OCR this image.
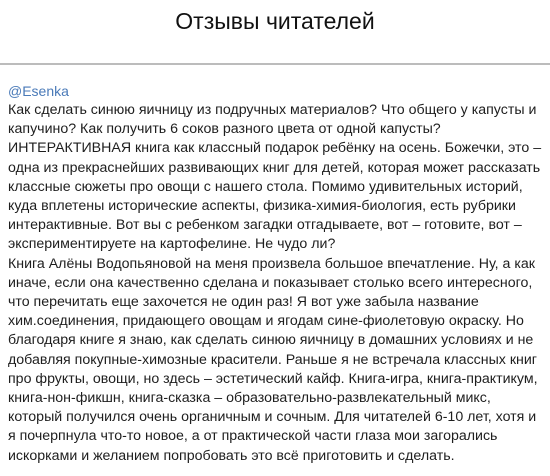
Отзывы читателей
@Esenka

Как сделать синюю яичницу из подручных материалов? Что общего у капусты и капучино? Как получить 6 соков разного цвета от одной капусты? ИНТЕРАКТИВНАЯ книга как классный подарок ребёнку на осень. Божечки, это – одна из прекраснейших развивающих книг для детей, которая может рассказать классные сюжеты про овощи с нашего стола. Помимо удивительных историй, куда вплетены исторические аспекты, физика-химия-биология, есть рубрики интерактивные. Вот вы с ребенком загадки отгадываете, вот – готовите, вот – экспериментируете на картофелине. Не чудо ли?

Книга Алёны Водопьяновой на меня произвела большое впечатление. Ну, а как иначе, если она качественно сделана и показывает столько всего интересного, что перечитать еще захочется не один раз! Я вот уже забыла название хим.соединения, придающего овощам и ягодам сине-фиолетовую окраску. Но благодаря книге я знаю, как сделать синюю яичницу в домашних условиях и не добавляя покупные-химозные красители. Раньше я не встречала классных книг про фрукты, овощи, но здесь – эстетический кайф. Книга-игра, книга-практикум, книга-нон-фикшн, книга-сказка – образовательно-развлекательный микс, который получился очень органичным и сочным. Для читателей 6-10 лет, хотя и я почерпнула что-то новое, а от практической части глаза мои загорались искорками и желанием попробовать это всё приготовить и сделать.
